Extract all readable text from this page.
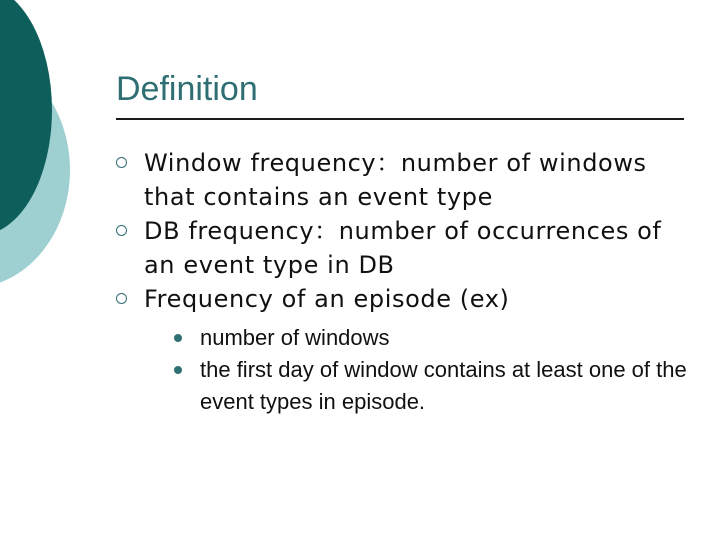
Definition
Window frequency：number of windows that contains an event type
DB frequency：number of occurrences of an event type in DB
Frequency of an episode (ex)
number of windows
the first day of window contains at least one of the event types in episode.
